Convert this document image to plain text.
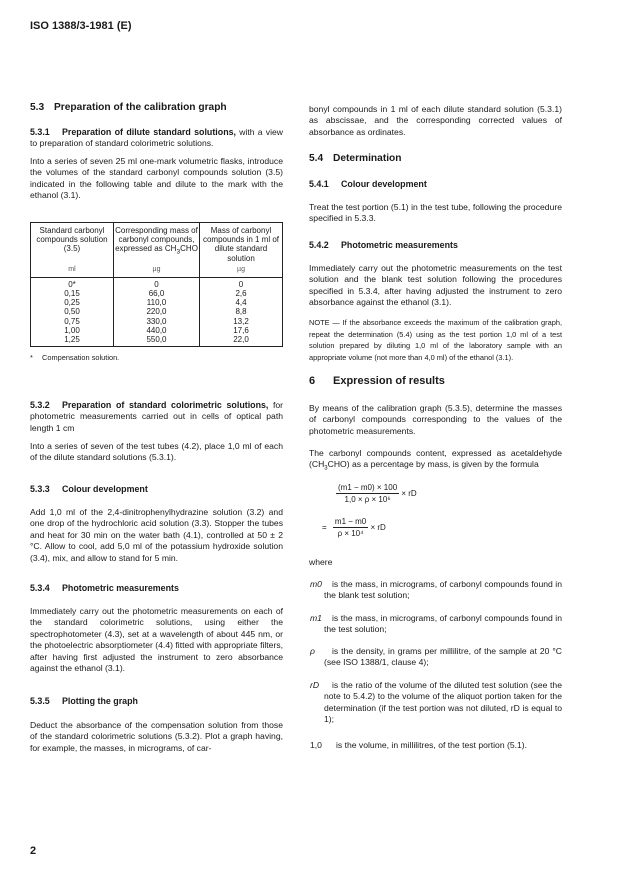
ISO 1388/3-1981 (E)
5.3 Preparation of the calibration graph
5.3.1 Preparation of dilute standard solutions, with a view to preparation of standard colorimetric solutions.
Into a series of seven 25 ml one-mark volumetric flasks, introduce the volumes of the standard carbonyl compounds solution (3.5) indicated in the following table and dilute to the mark with the ethanol (3.1).
Standard carbonyl compounds solution (3.5)	Corresponding mass of carbonyl compounds, expressed as $CH_3CHO$	Mass of carbonyl compounds in 1 ml of dilute standard solution
ml	µg	µg
0*	0	0
0,15	66,0	2,6
0,25	110,0	4,4
0,50	220,0	8,8
0,75	330,0	13,2
1,00	440,0	17,6
1,25	550,0	22,0
* Compensation solution.
5.3.2 Preparation of standard colorimetric solutions, for photometric measurements carried out in cells of optical path length 1 cm
Into a series of seven of the test tubes (4.2), place 1,0 ml of each of the dilute standard solutions (5.3.1).
5.3.3 Colour development
Add 1,0 ml of the 2,4-dinitrophenylhydrazine solution (3.2) and one drop of the hydrochloric acid solution (3.3). Stopper the tubes and heat for 30 min on the water bath (4.1), controlled at 50 ± 2 °C. Allow to cool, add 5,0 ml of the potassium hydroxide solution (3.4), mix, and allow to stand for 5 min.
5.3.4 Photometric measurements
Immediately carry out the photometric measurements on each of the standard colorimetric solutions, using either the spectrophotometer (4.3), set at a wavelength of about 445 nm, or the photoelectric absorptiometer (4.4) fitted with appropriate filters, after having first adjusted the instrument to zero absorbance against the ethanol (3.1).
5.3.5 Plotting the graph
Deduct the absorbance of the compensation solution from those of the standard colorimetric solutions (5.3.2). Plot a graph having, for example, the masses, in micrograms, of car-
2
bonyl compounds in 1 ml of each dilute standard solution (5.3.1) as abscissae, and the corresponding corrected values of absorbance as ordinates.
5.4 Determination
5.4.1 Colour development
Treat the test portion (5.1) in the test tube, following the procedure specified in 5.3.3.
5.4.2 Photometric measurements
Immediately carry out the photometric measurements on the test solution and the blank test solution following the procedures specified in 5.3.4, after having adjusted the instrument to zero absorbance against the ethanol (3.1).
NOTE — If the absorbance exceeds the maximum of the calibration graph, repeat the determination (5.4) using as the test portion 1,0 ml of a test solution prepared by diluting 1,0 ml of the laboratory sample with an appropriate volume (not more than 4,0 ml) of the ethanol (3.1).
6 Expression of results
By means of the calibration graph (5.3.5), determine the masses of carbonyl compounds corresponding to the values of the photometric measurements.
The carbonyl compounds content, expressed as acetaldehyde $(CH_3CHO)$ as a percentage by mass, is given by the formula
$\frac{(m1 - m0) \times 100}{\text{1,0 × ρ × 10⁶}}$ × rD
= $\frac{m1 - m0}{\text{ρ × 10⁴}}$ × rD
where
m0 is the mass, in micrograms, of carbonyl compounds found in the blank test solution;
m1 is the mass, in micrograms, of carbonyl compounds found in the test solution;
ρ is the density, in grams per millilitre, of the sample at 20 °C (see ISO 1388/1, clause 4);
rD is the ratio of the volume of the diluted test solution (see the note to 5.4.2) to the volume of the aliquot portion taken for the determination (if the test portion was not diluted, rD is equal to 1);
1,0 is the volume, in millilitres, of the test portion (5.1).
